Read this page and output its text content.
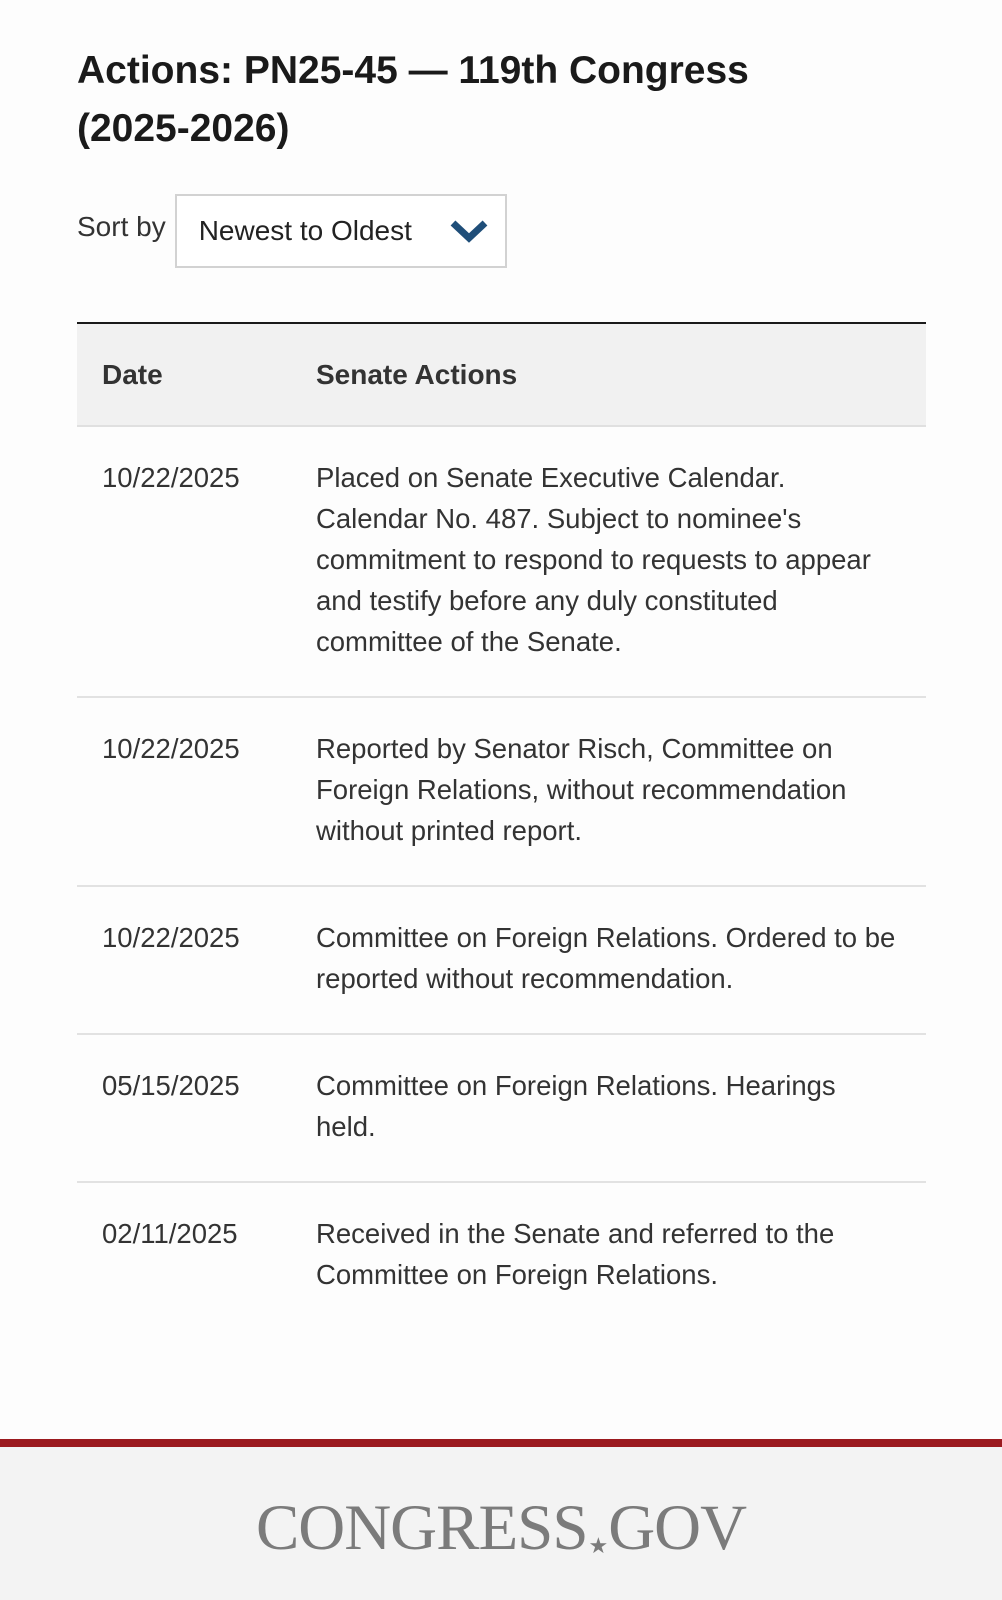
Actions: PN25-45 — 119th Congress (2025-2026)
Sort by Newest to Oldest
Date	Senate Actions
10/22/2025	Placed on Senate Executive Calendar. Calendar No. 487. Subject to nominee's commitment to respond to requests to appear and testify before any duly constituted committee of the Senate.
10/22/2025	Reported by Senator Risch, Committee on Foreign Relations, without recommendation without printed report.
10/22/2025	Committee on Foreign Relations. Ordered to be reported without recommendation.
05/15/2025	Committee on Foreign Relations. Hearings held.
02/11/2025	Received in the Senate and referred to the Committee on Foreign Relations.
CONGRESS★GOV
